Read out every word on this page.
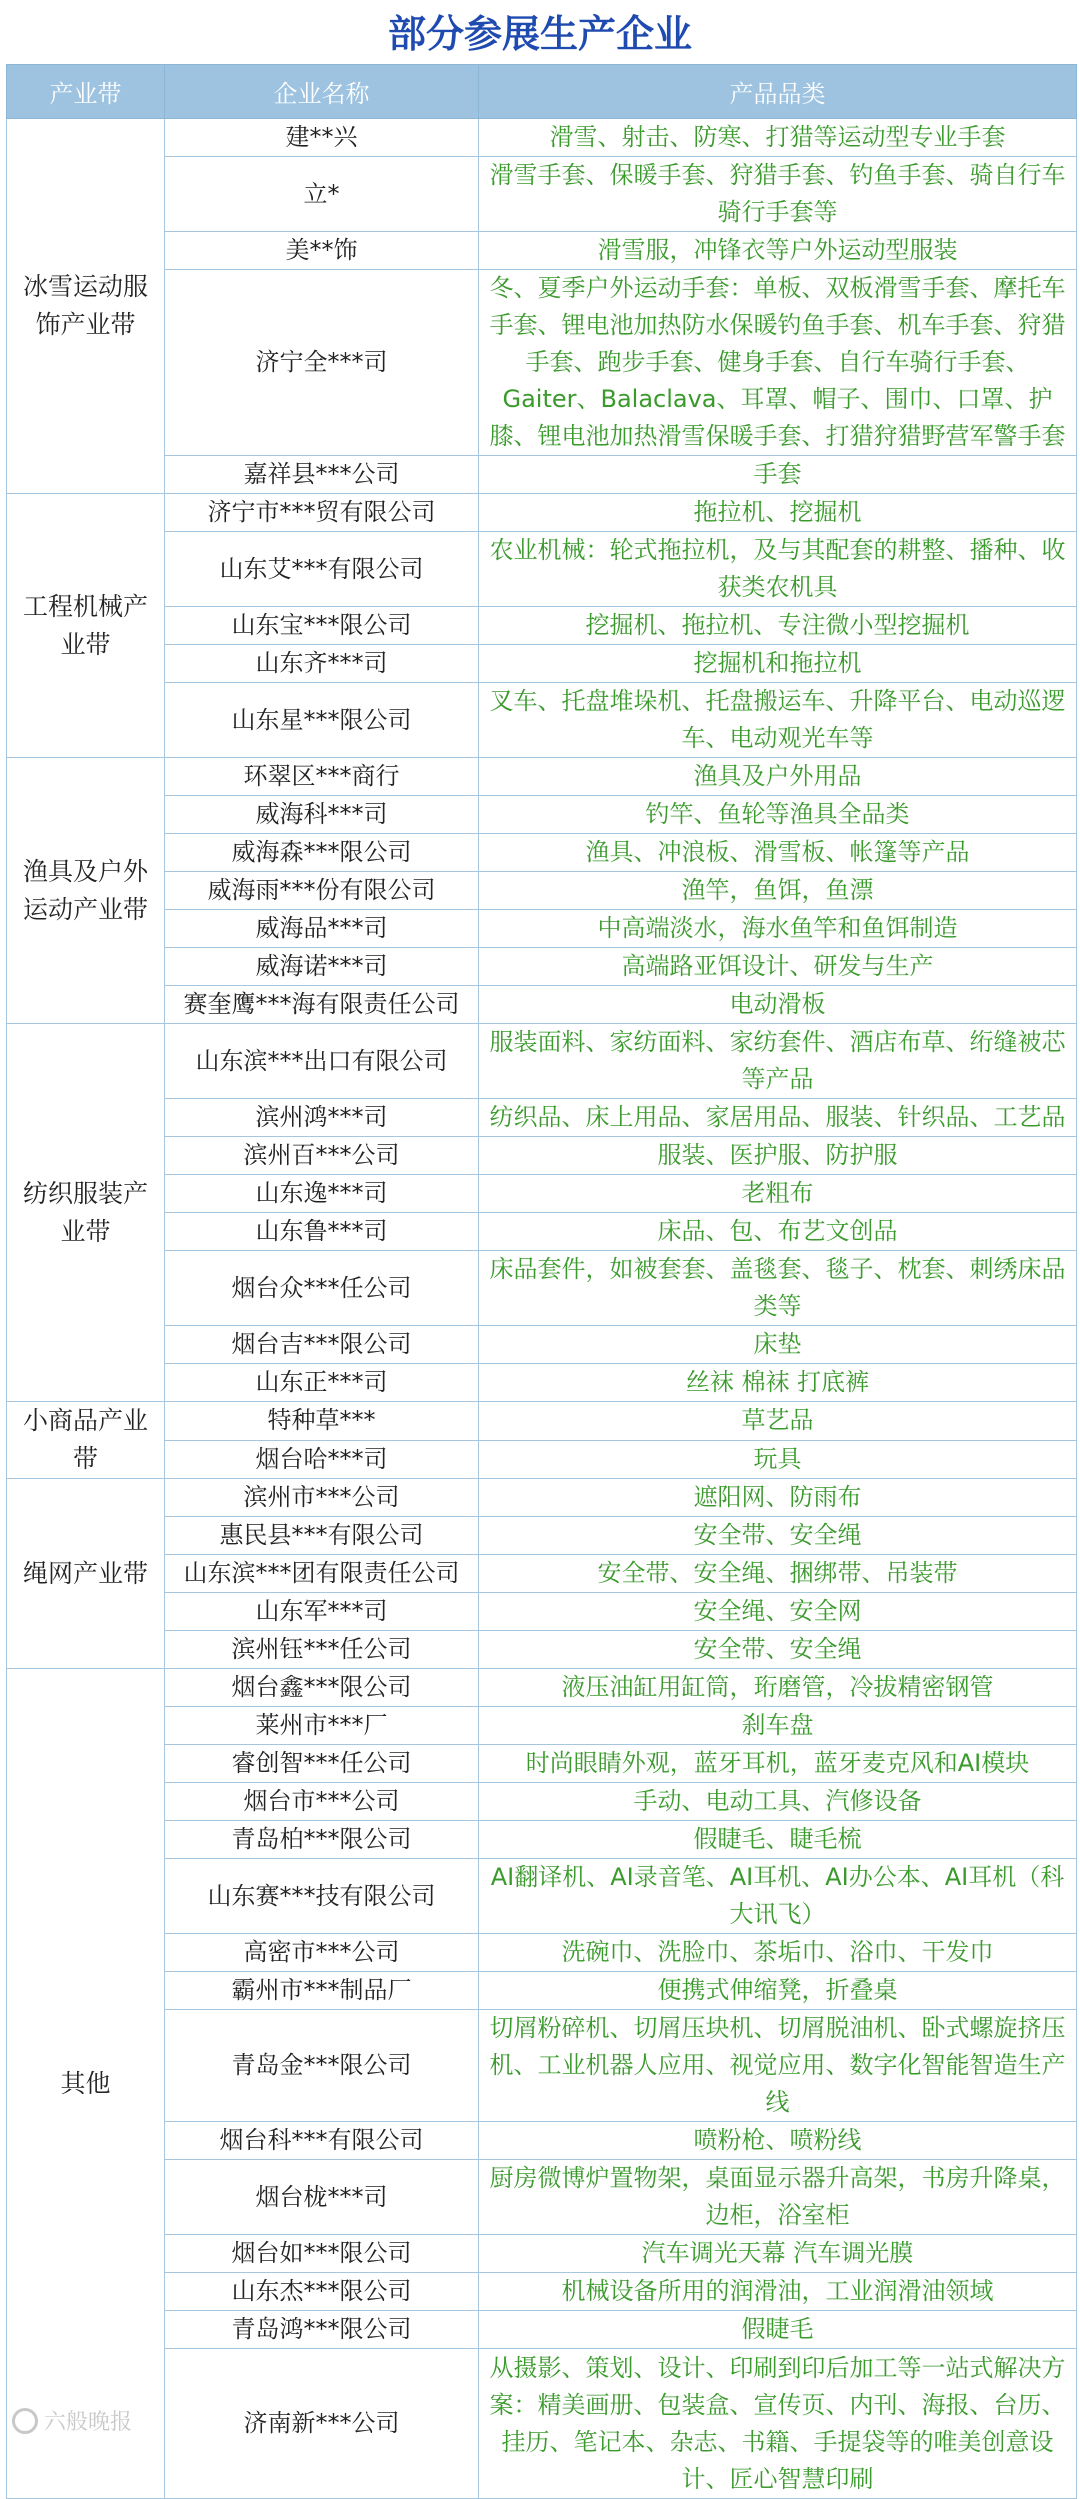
部分参展生产企业
产业带	企业名称	产品品类
冰雪运动服饰产业带	建**兴	滑雪、射击、防寒、打猎等运动型专业手套
	立*	滑雪手套、保暖手套、狩猎手套、钓鱼手套、骑自行车骑行手套等
	美**饰	滑雪服，冲锋衣等户外运动型服装
	济宁全***司	冬、夏季户外运动手套：单板、双板滑雪手套、摩托车手套、锂电池加热防水保暖钓鱼手套、机车手套、狩猎手套、跑步手套、健身手套、自行车骑行手套、Gaiter、Balaclava、耳罩、帽子、围巾、口罩、护膝、锂电池加热滑雪保暖手套、打猎狩猎野营军警手套
	嘉祥县***公司	手套
工程机械产业带	济宁市***贸有限公司	拖拉机、挖掘机
	山东艾***有限公司	农业机械：轮式拖拉机，及与其配套的耕整、播种、收获类农机具
	山东宝***限公司	挖掘机、拖拉机、专注微小型挖掘机
	山东齐***司	挖掘机和拖拉机
	山东星***限公司	叉车、托盘堆垛机、托盘搬运车、升降平台、电动巡逻车、电动观光车等
渔具及户外运动产业带	环翠区***商行	渔具及户外用品
	威海科***司	钓竿、鱼轮等渔具全品类
	威海森***限公司	渔具、冲浪板、滑雪板、帐篷等产品
	威海雨***份有限公司	渔竿，鱼饵，鱼漂
	威海品***司	中高端淡水，海水鱼竿和鱼饵制造
	威海诺***司	高端路亚饵设计、研发与生产
	赛奎鹰***海有限责任公司	电动滑板
纺织服装产业带	山东滨***出口有限公司	服装面料、家纺面料、家纺套件、酒店布草、绗缝被芯等产品
	滨州鸿***司	纺织品、床上用品、家居用品、服装、针织品、工艺品
	滨州百***公司	服装、医护服、防护服
	山东逸***司	老粗布
	山东鲁***司	床品、包、布艺文创品
	烟台众***任公司	床品套件，如被套套、盖毯套、毯子、枕套、刺绣床品类等
	烟台吉***限公司	床垫
	山东正***司	丝袜 棉袜 打底裤
小商品产业带	特种草***	草艺品
	烟台哈***司	玩具
绳网产业带	滨州市***公司	遮阳网、防雨布
	惠民县***有限公司	安全带、安全绳
	山东滨***团有限责任公司	安全带、安全绳、捆绑带、吊装带
	山东军***司	安全绳、安全网
	滨州钰***任公司	安全带、安全绳
其他	烟台鑫***限公司	液压油缸用缸筒，珩磨管，冷拔精密钢管
	莱州市***厂	刹车盘
	睿创智***任公司	时尚眼睛外观，蓝牙耳机，蓝牙麦克风和AI模块
	烟台市***公司	手动、电动工具、汽修设备
	青岛柏***限公司	假睫毛、睫毛梳
	山东赛***技有限公司	AI翻译机、AI录音笔、AI耳机、AI办公本、AI耳机（科大讯飞）
	高密市***公司	洗碗巾、洗脸巾、茶垢巾、浴巾、干发巾
	霸州市***制品厂	便携式伸缩凳，折叠桌
	青岛金***限公司	切屑粉碎机、切屑压块机、切屑脱油机、卧式螺旋挤压机、工业机器人应用、视觉应用、数字化智能智造生产线
	烟台科***有限公司	喷粉枪、喷粉线
	烟台栊***司	厨房微博炉置物架，桌面显示器升高架，书房升降桌，边柜，浴室柜
	烟台如***限公司	汽车调光天幕 汽车调光膜
	山东杰***限公司	机械设备所用的润滑油，工业润滑油领域
	青岛鸿***限公司	假睫毛
	济南新***公司	从摄影、策划、设计、印刷到印后加工等一站式解决方案：精美画册、包装盒、宣传页、内刊、海报、台历、挂历、笔记本、杂志、书籍、手提袋等的唯美创意设计、匠心智慧印刷
六般晚报
